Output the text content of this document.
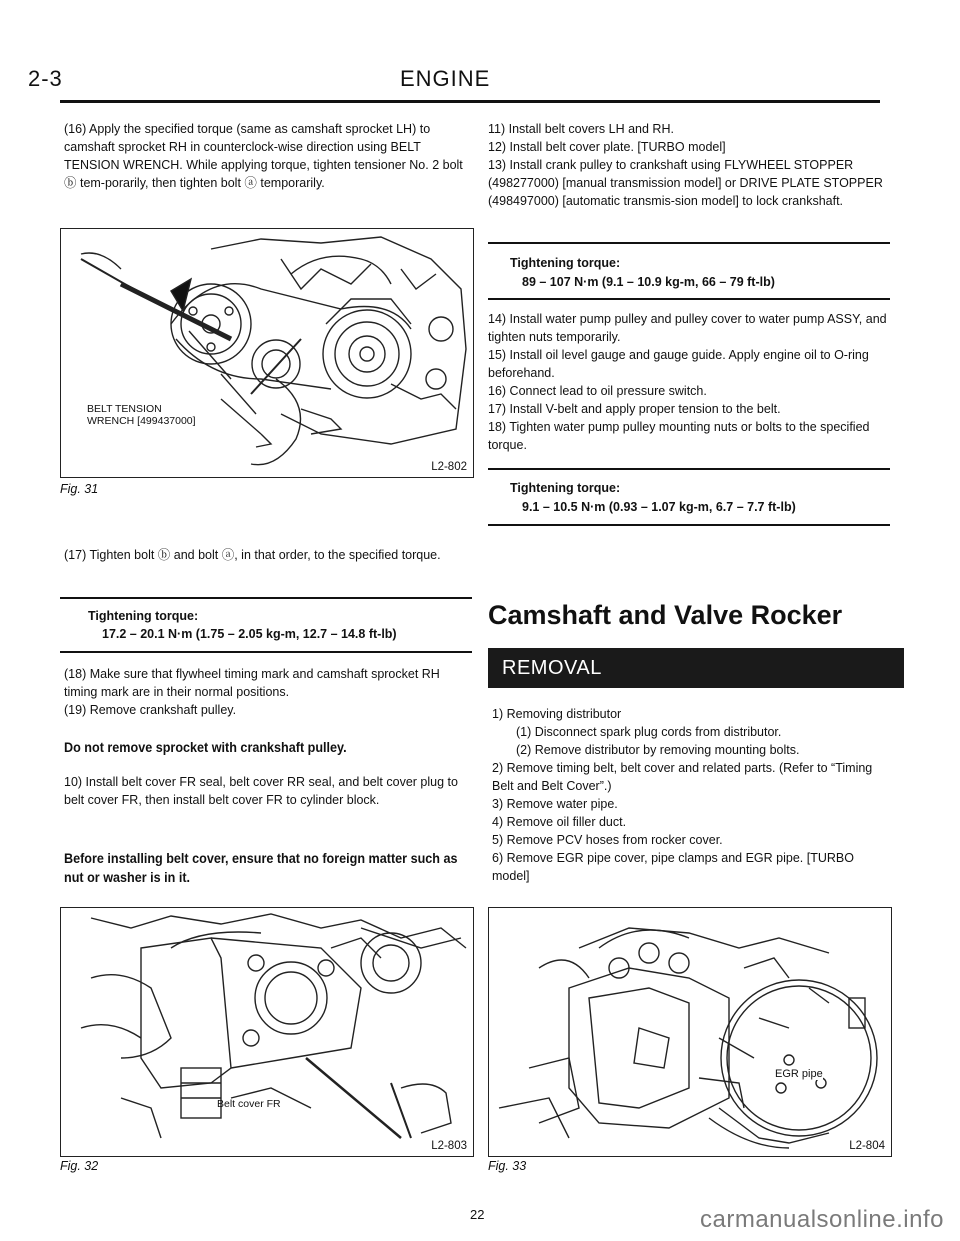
2-3	ENGINE
(16) Apply the specified torque (same as camshaft sprocket LH) to camshaft sprocket RH in counterclock-wise direction using BELT TENSION WRENCH. While applying torque, tighten tensioner No. 2 bolt ⓑ tem-porarily, then tighten bolt ⓐ temporarily.
BELT TENSION
WRENCH [499437000]
L2-802
Fig. 31
(17) Tighten bolt ⓑ and bolt ⓐ, in that order, to the specified torque.
Tightening torque:
17.2 – 20.1 N·m (1.75 – 2.05 kg-m, 12.7 – 14.8 ft-lb)
(18) Make sure that flywheel timing mark and camshaft sprocket RH timing mark are in their normal positions.
(19) Remove crankshaft pulley.
Do not remove sprocket with crankshaft pulley.
10) Install belt cover FR seal, belt cover RR seal, and belt cover plug to belt cover FR, then install belt cover FR to cylinder block.
Before installing belt cover, ensure that no foreign matter such as nut or washer is in it.
Belt cover FR
L2-803
Fig. 32
11) Install belt covers LH and RH.
12) Install belt cover plate. [TURBO model]
13) Install crank pulley to crankshaft using FLYWHEEL STOPPER (498277000) [manual transmission model] or DRIVE PLATE STOPPER (498497000) [automatic transmis-sion model] to lock crankshaft.
Tightening torque:
89 – 107 N·m (9.1 – 10.9 kg-m, 66 – 79 ft-lb)
14) Install water pump pulley and pulley cover to water pump ASSY, and tighten nuts temporarily.
15) Install oil level gauge and gauge guide. Apply engine oil to O-ring beforehand.
16) Connect lead to oil pressure switch.
17) Install V-belt and apply proper tension to the belt.
18) Tighten water pump pulley mounting nuts or bolts to the specified torque.
Tightening torque:
9.1 – 10.5 N·m (0.93 – 1.07 kg-m, 6.7 – 7.7 ft-lb)
Camshaft and Valve Rocker
REMOVAL
1) Removing distributor
(1) Disconnect spark plug cords from distributor.
(2) Remove distributor by removing mounting bolts.
2) Remove timing belt, belt cover and related parts. (Refer to “Timing Belt and Belt Cover”.)
3) Remove water pipe.
4) Remove oil filler duct.
5) Remove PCV hoses from rocker cover.
6) Remove EGR pipe cover, pipe clamps and EGR pipe. [TURBO model]
EGR pipe
L2-804
Fig. 33
22	carmanualsonline.info
